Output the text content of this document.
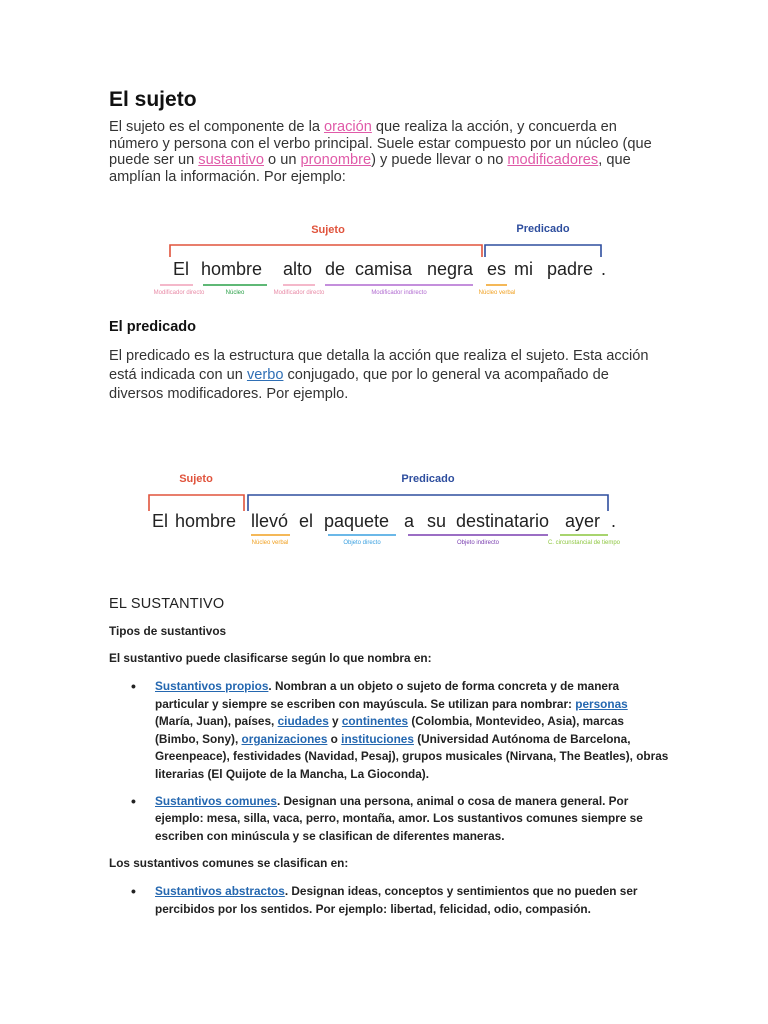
El sujeto

El sujeto es el componente de la oración que realiza la acción, y concuerda en número y persona con el verbo principal. Suele estar compuesto por un núcleo (que puede ser un sustantivo o un pronombre) y puede llevar o no modificadores, que amplían la información. Por ejemplo:

Sujeto	Predicado
El hombre alto de camisa negra es mi padre .
Modificador directo	Núcleo	Modificador directo	Modificador indirecto	Núcleo verbal
El predicado

El predicado es la estructura que detalla la acción que realiza el sujeto. Esta acción está indicada con un verbo conjugado, que por lo general va acompañado de diversos modificadores. Por ejemplo.

Sujeto	Predicado
El hombre llevó el paquete a su destinatario ayer .
Núcleo verbal	Objeto directo	Objeto indirecto	C. circunstancial de tiempo
EL SUSTANTIVO
Tipos de sustantivos
El sustantivo puede clasificarse según lo que nombra en:
• Sustantivos propios. Nombran a un objeto o sujeto de forma concreta y de manera particular y siempre se escriben con mayúscula. Se utilizan para nombrar: personas (María, Juan), países, ciudades y continentes (Colombia, Montevideo, Asia), marcas (Bimbo, Sony), organizaciones o instituciones (Universidad Autónoma de Barcelona, Greenpeace), festividades (Navidad, Pesaj), grupos musicales (Nirvana, The Beatles), obras literarias (El Quijote de la Mancha, La Gioconda).
• Sustantivos comunes. Designan una persona, animal o cosa de manera general. Por ejemplo: mesa, silla, vaca, perro, montaña, amor. Los sustantivos comunes siempre se escriben con minúscula y se clasifican de diferentes maneras.
Los sustantivos comunes se clasifican en:
• Sustantivos abstractos. Designan ideas, conceptos y sentimientos que no pueden ser percibidos por los sentidos. Por ejemplo: libertad, felicidad, odio, compasión.
